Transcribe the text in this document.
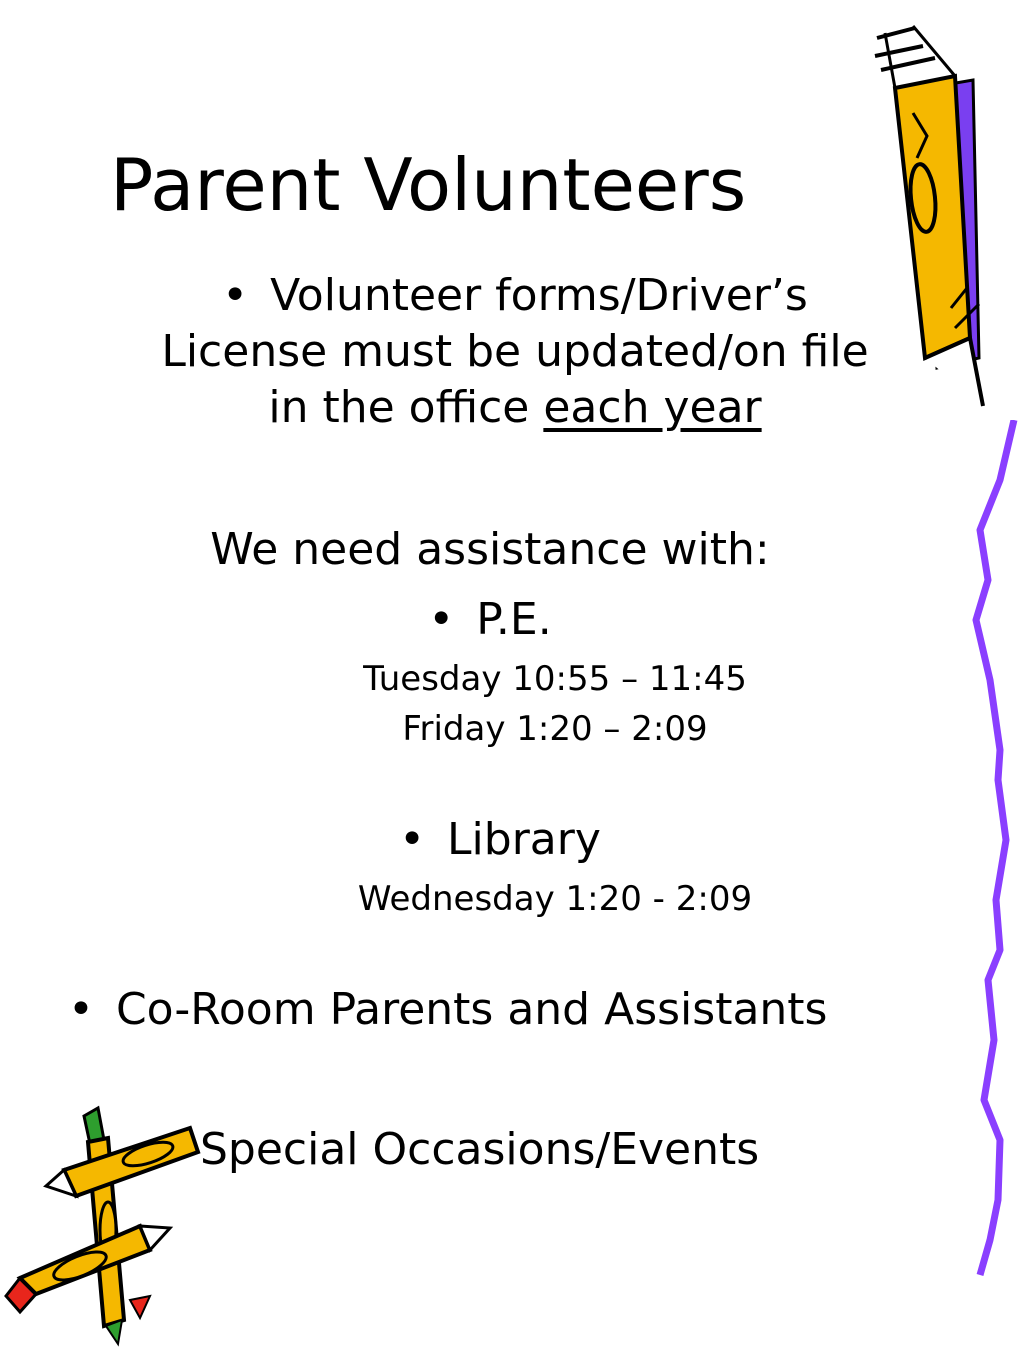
Parent Volunteers
• Volunteer forms/Driver’s
License must be updated/on file
in the office each year
We need assistance with:
• P.E.
Tuesday 10:55 – 11:45
Friday 1:20 – 2:09
• Library
Wednesday 1:20 - 2:09
• Co-Room Parents and Assistants
Special Occasions/Events
